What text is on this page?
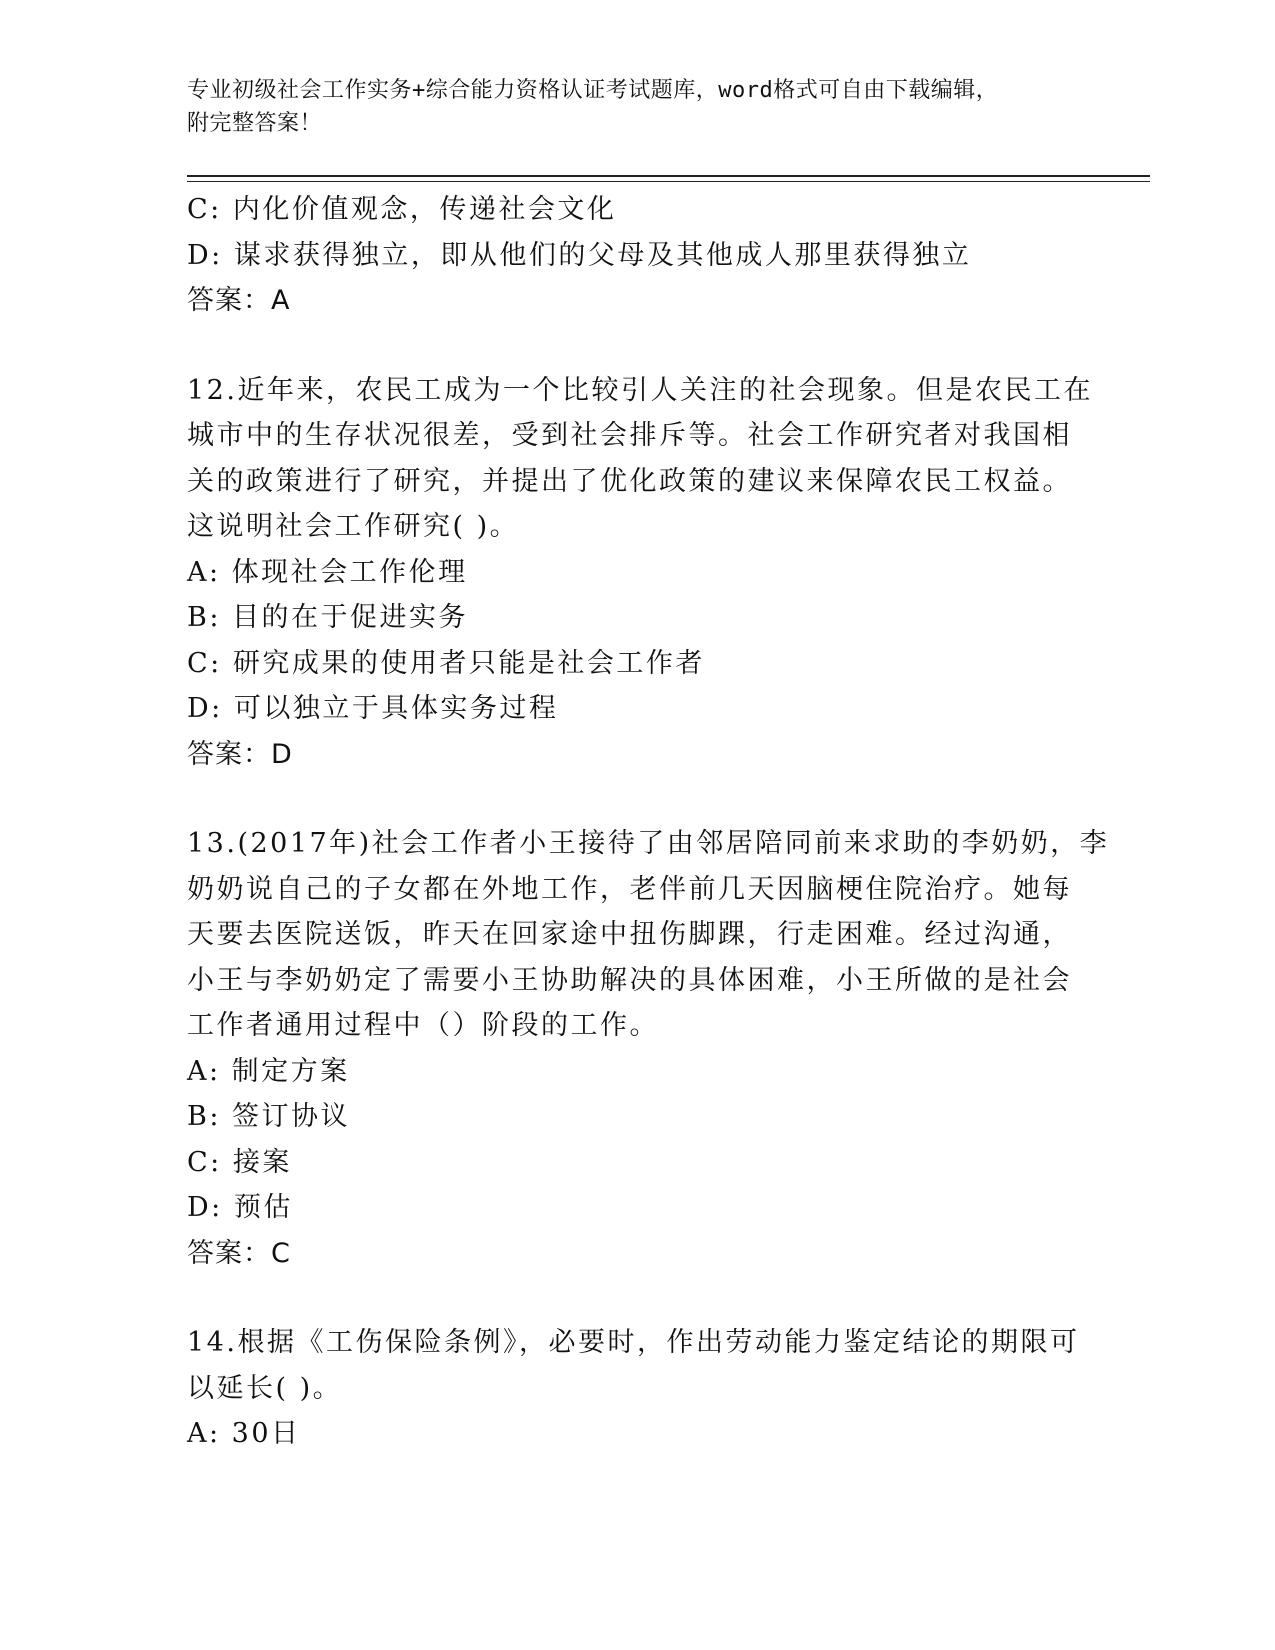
专业初级社会工作实务+综合能力资格认证考试题库，word格式可自由下载编辑，
附完整答案！
C: 内化价值观念，传递社会文化
D: 谋求获得独立，即从他们的父母及其他成人那里获得独立
答案：A
12.近年来，农民工成为一个比较引人关注的社会现象。但是农民工在
城市中的生存状况很差，受到社会排斥等。社会工作研究者对我国相
关的政策进行了研究，并提出了优化政策的建议来保障农民工权益。
这说明社会工作研究( )。
A: 体现社会工作伦理
B: 目的在于促进实务
C: 研究成果的使用者只能是社会工作者
D: 可以独立于具体实务过程
答案：D
13.(2017年)社会工作者小王接待了由邻居陪同前来求助的李奶奶，李
奶奶说自己的子女都在外地工作，老伴前几天因脑梗住院治疗。她每
天要去医院送饭，昨天在回家途中扭伤脚踝，行走困难。经过沟通，
小王与李奶奶定了需要小王协助解决的具体困难，小王所做的是社会
工作者通用过程中（）阶段的工作。
A: 制定方案
B: 签订协议
C: 接案
D: 预估
答案：C
14.根据《工伤保险条例》，必要时，作出劳动能力鉴定结论的期限可
以延长( )。
A: 30日
